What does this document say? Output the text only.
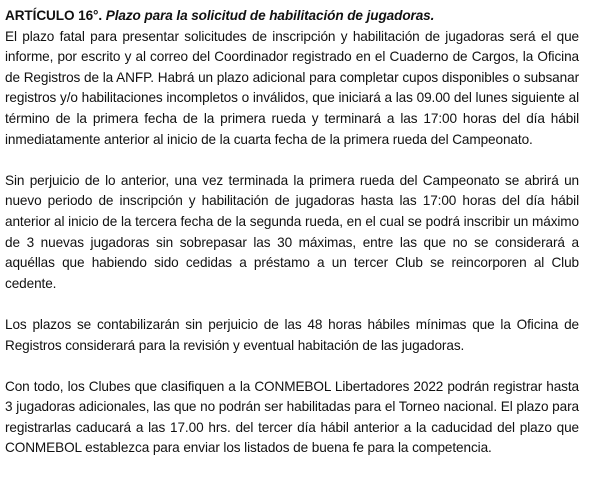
ARTÍCULO 16°. Plazo para la solicitud de habilitación de jugadoras.
El plazo fatal para presentar solicitudes de inscripción y habilitación de jugadoras será el que informe, por escrito y al correo del Coordinador registrado en el Cuaderno de Cargos, la Oficina de Registros de la ANFP. Habrá un plazo adicional para completar cupos disponibles o subsanar registros y/o habilitaciones incompletos o inválidos, que iniciará a las 09.00 del lunes siguiente al término de la primera fecha de la primera rueda y terminará a las 17:00 horas del día hábil inmediatamente anterior al inicio de la cuarta fecha de la primera rueda del Campeonato.

Sin perjuicio de lo anterior, una vez terminada la primera rueda del Campeonato se abrirá un nuevo periodo de inscripción y habilitación de jugadoras hasta las 17:00 horas del día hábil anterior al inicio de la tercera fecha de la segunda rueda, en el cual se podrá inscribir un máximo de 3 nuevas jugadoras sin sobrepasar las 30 máximas, entre las que no se considerará a aquéllas que habiendo sido cedidas a préstamo a un tercer Club se reincorporen al Club cedente.

Los plazos se contabilizarán sin perjuicio de las 48 horas hábiles mínimas que la Oficina de Registros considerará para la revisión y eventual habitación de las jugadoras.

Con todo, los Clubes que clasifiquen a la CONMEBOL Libertadores 2022 podrán registrar hasta 3 jugadoras adicionales, las que no podrán ser habilitadas para el Torneo nacional. El plazo para registrarlas caducará a las 17.00 hrs. del tercer día hábil anterior a la caducidad del plazo que CONMEBOL establezca para enviar los listados de buena fe para la competencia.
